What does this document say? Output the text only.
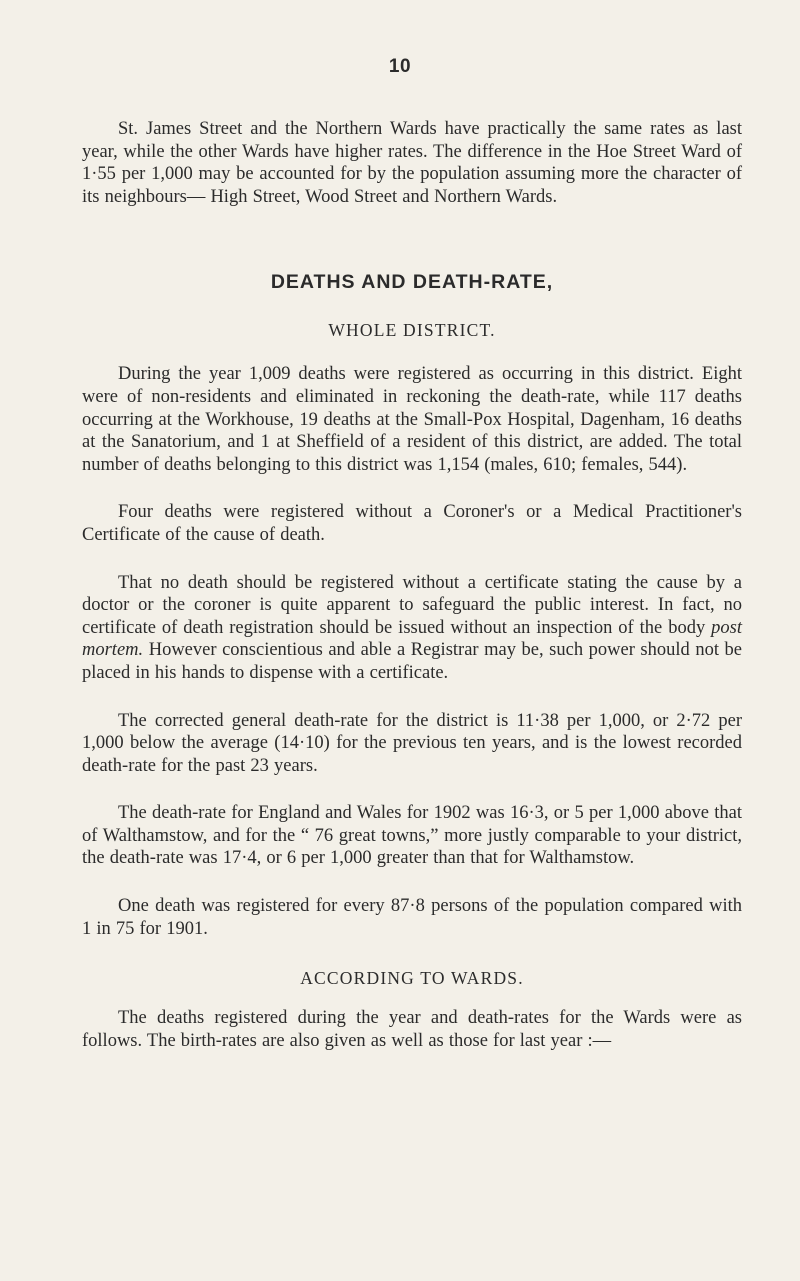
10

St. James Street and the Northern Wards have practically the same rates as last year, while the other Wards have higher rates. The difference in the Hoe Street Ward of 1·55 per 1,000 may be accounted for by the population assuming more the character of its neighbours— High Street, Wood Street and Northern Wards.

DEATHS AND DEATH-RATE,
WHOLE DISTRICT.

During the year 1,009 deaths were registered as occurring in this district. Eight were of non-residents and eliminated in reckoning the death-rate, while 117 deaths occurring at the Workhouse, 19 deaths at the Small-Pox Hospital, Dagenham, 16 deaths at the Sanatorium, and 1 at Sheffield of a resident of this district, are added. The total number of deaths belonging to this district was 1,154 (males, 610; females, 544).

Four deaths were registered without a Coroner's or a Medical Practitioner's Certificate of the cause of death.

That no death should be registered without a certificate stating the cause by a doctor or the coroner is quite apparent to safeguard the public interest. In fact, no certificate of death registration should be issued without an inspection of the body post mortem. However conscientious and able a Registrar may be, such power should not be placed in his hands to dispense with a certificate.

The corrected general death-rate for the district is 11·38 per 1,000, or 2·72 per 1,000 below the average (14·10) for the previous ten years, and is the lowest recorded death-rate for the past 23 years.

The death-rate for England and Wales for 1902 was 16·3, or 5 per 1,000 above that of Walthamstow, and for the “ 76 great towns,” more justly comparable to your district, the death-rate was 17·4, or 6 per 1,000 greater than that for Walthamstow.

One death was registered for every 87·8 persons of the population compared with 1 in 75 for 1901.

ACCORDING TO WARDS.

The deaths registered during the year and death-rates for the Wards were as follows. The birth-rates are also given as well as those for last year :—
